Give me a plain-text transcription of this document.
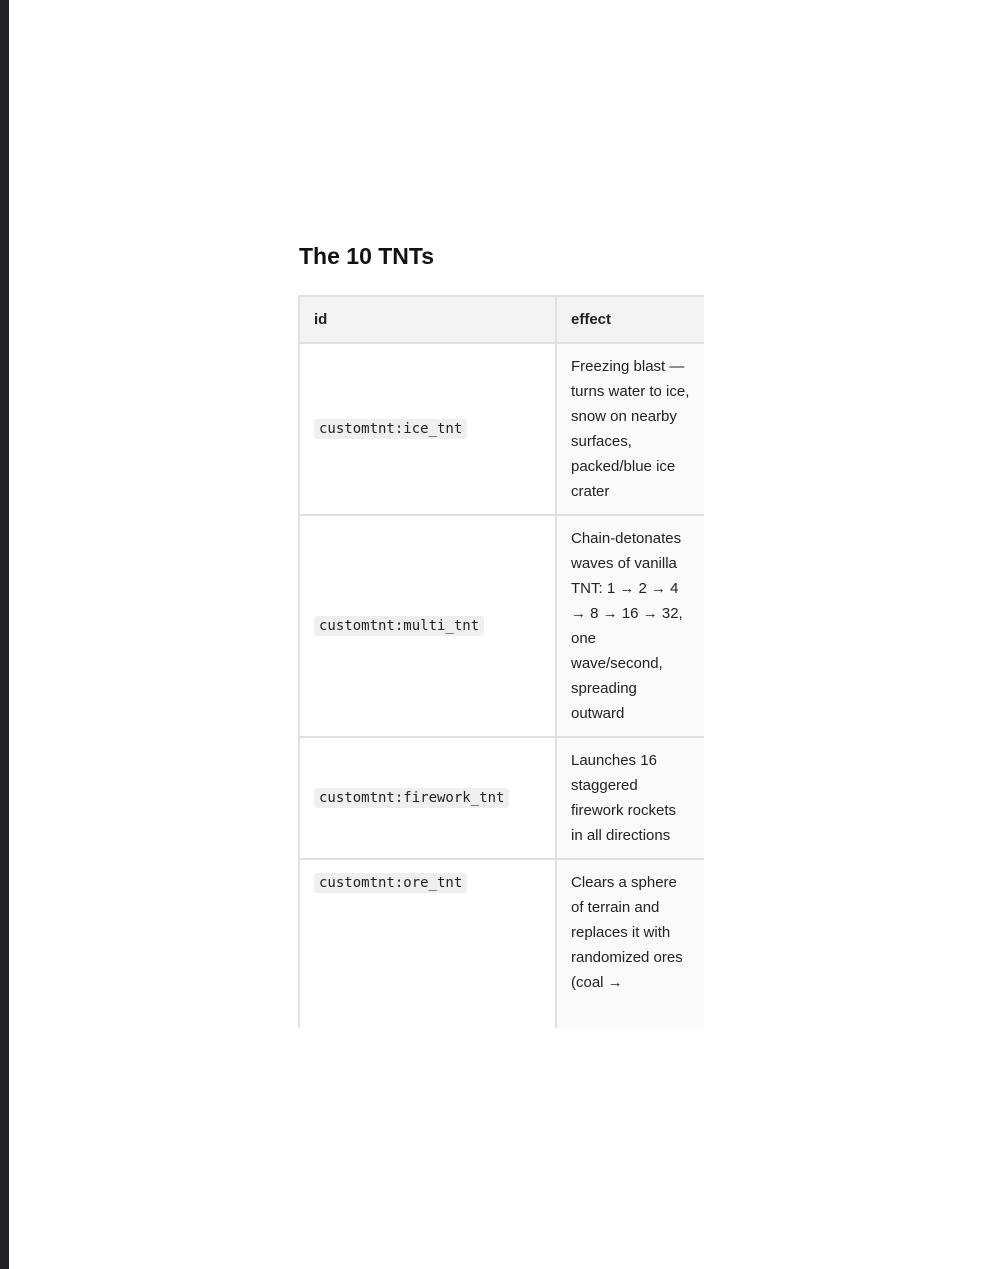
The 10 TNTs
id	effect
customtnt:ice_tnt	Freezing blast — turns water to ice, snow on nearby surfaces, packed/blue ice crater
customtnt:multi_tnt	Chain-detonates waves of vanilla TNT: 1 → 2 → 4 → 8 → 16 → 32, one wave/second, spreading outward
customtnt:firework_tnt	Launches 16 staggered firework rockets in all directions
customtnt:ore_tnt	Clears a sphere of terrain and replaces it with randomized ores (coal →
